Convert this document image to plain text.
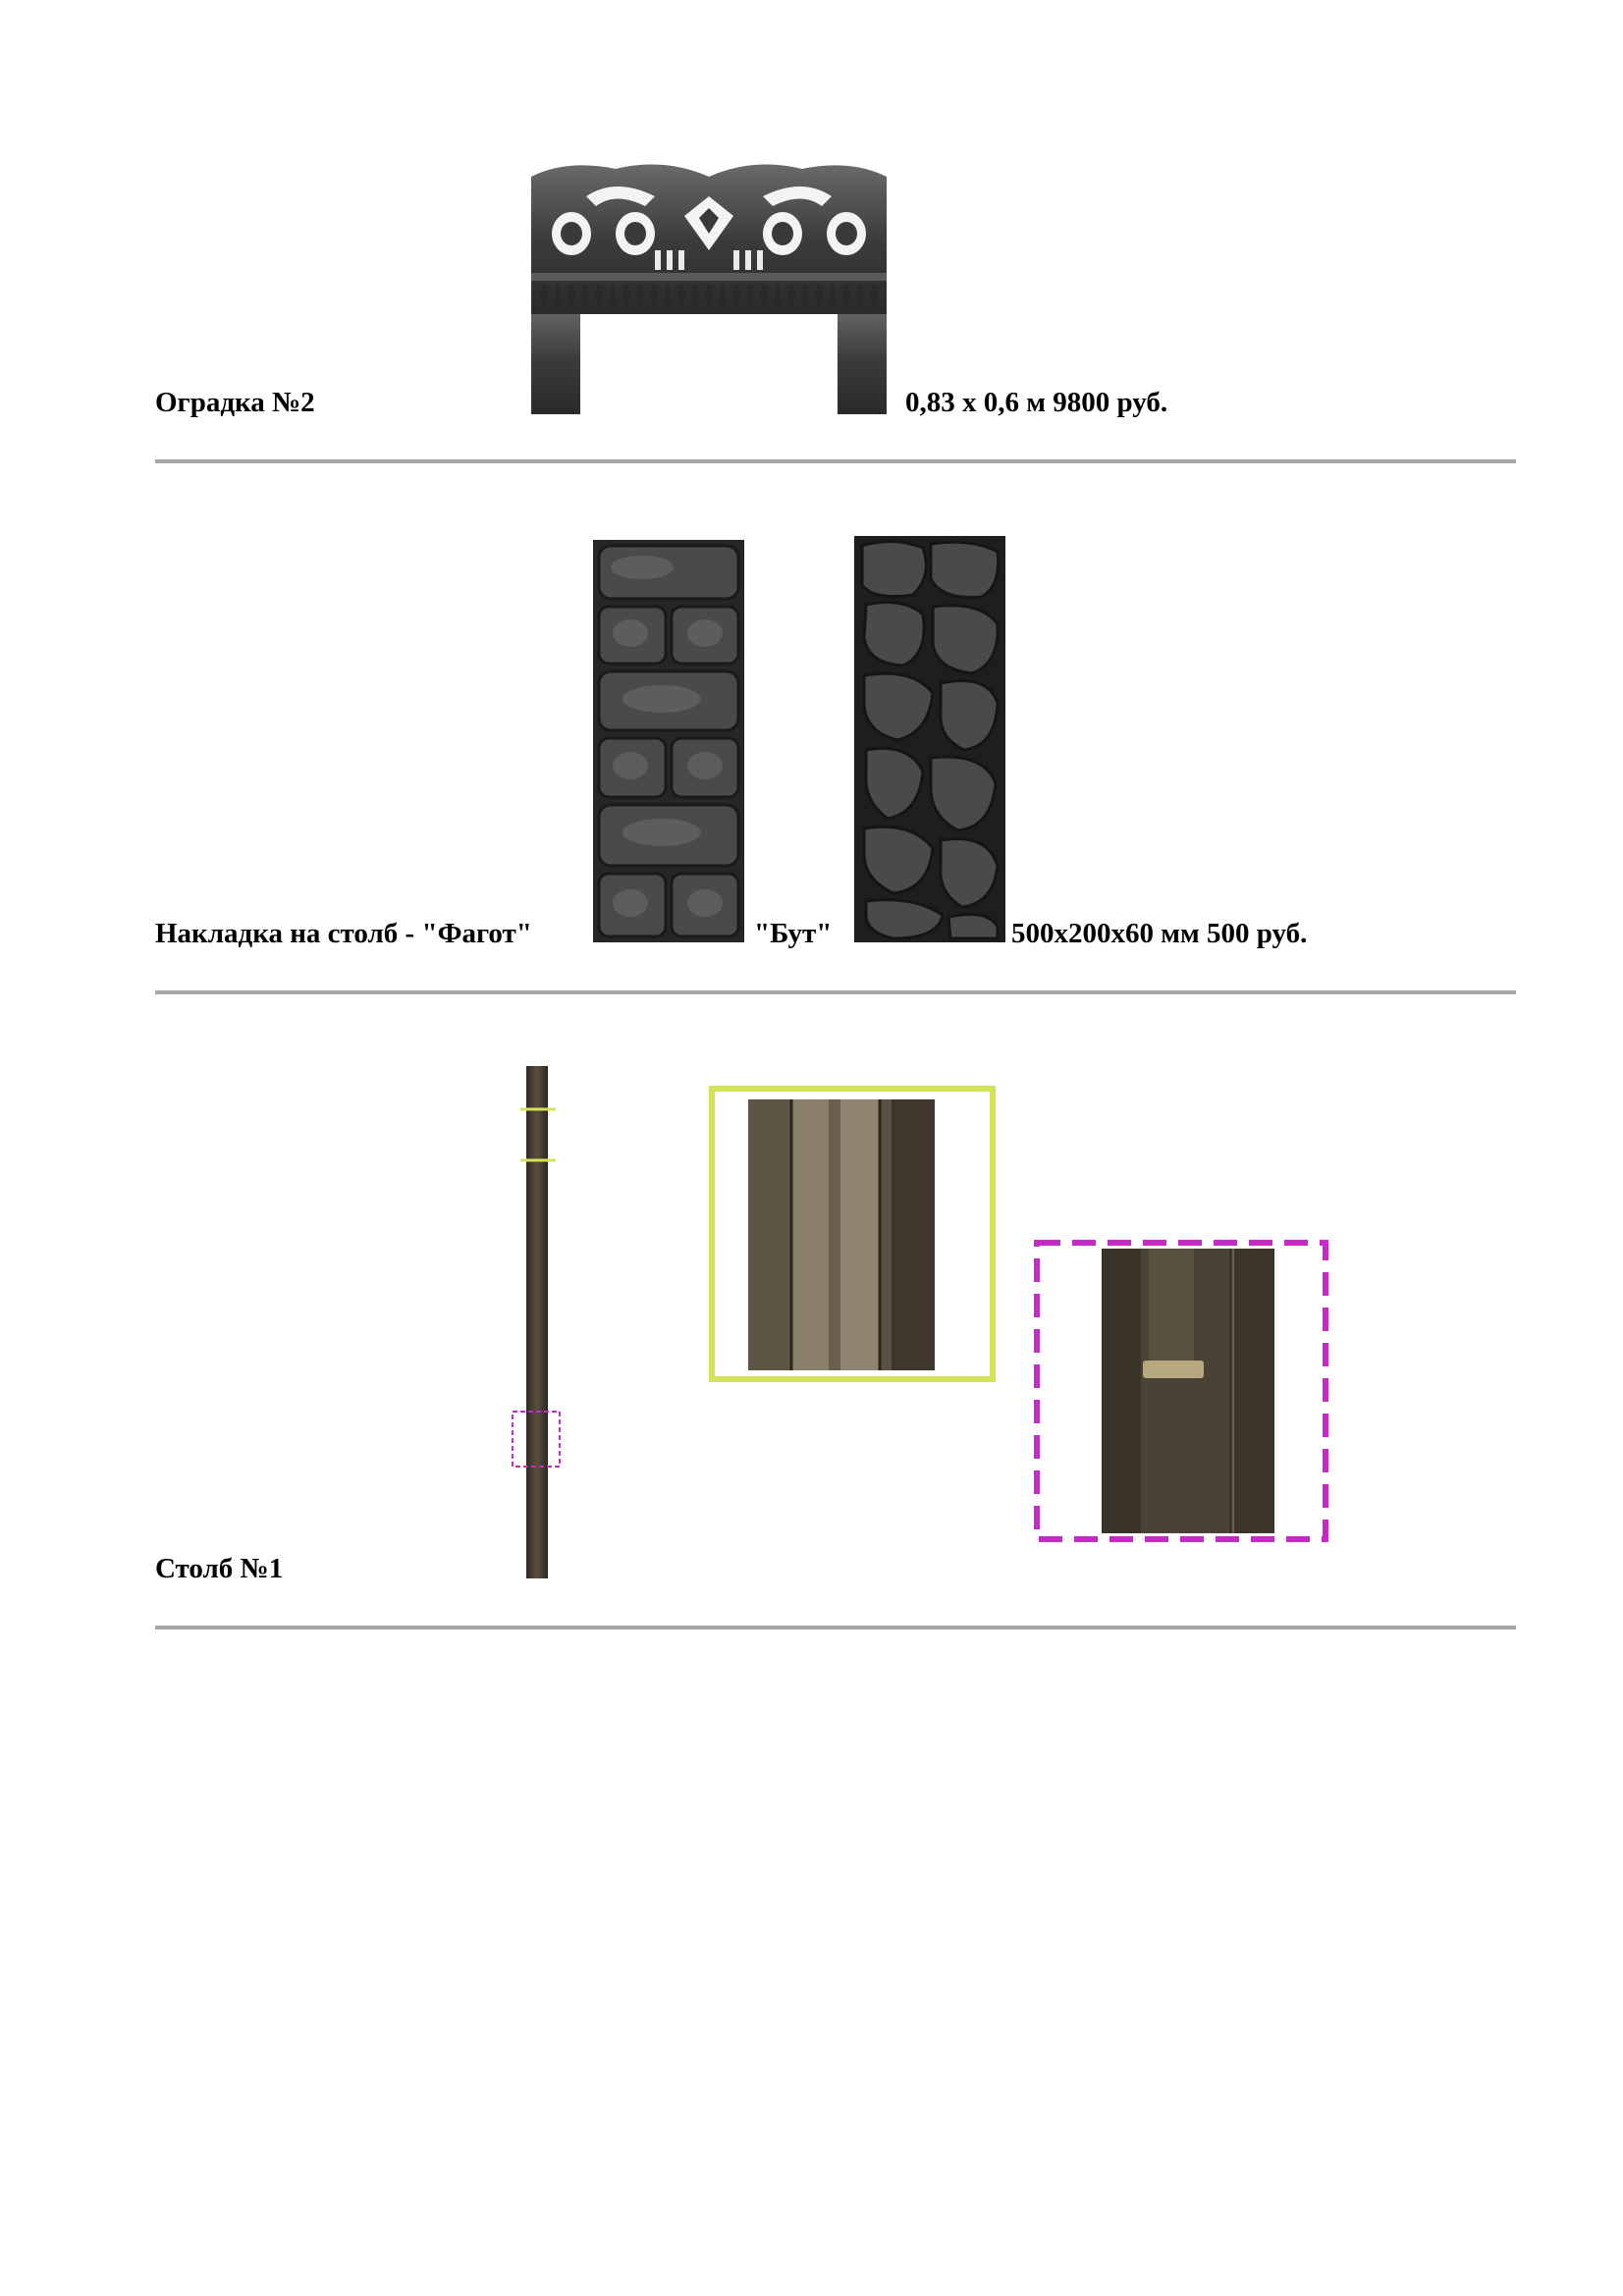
Оградка №2	0,83 х 0,6 м 9800 руб.
Накладка на столб - "Фагот"	"Бут"	500х200х60 мм 500 руб.
Столб №1
